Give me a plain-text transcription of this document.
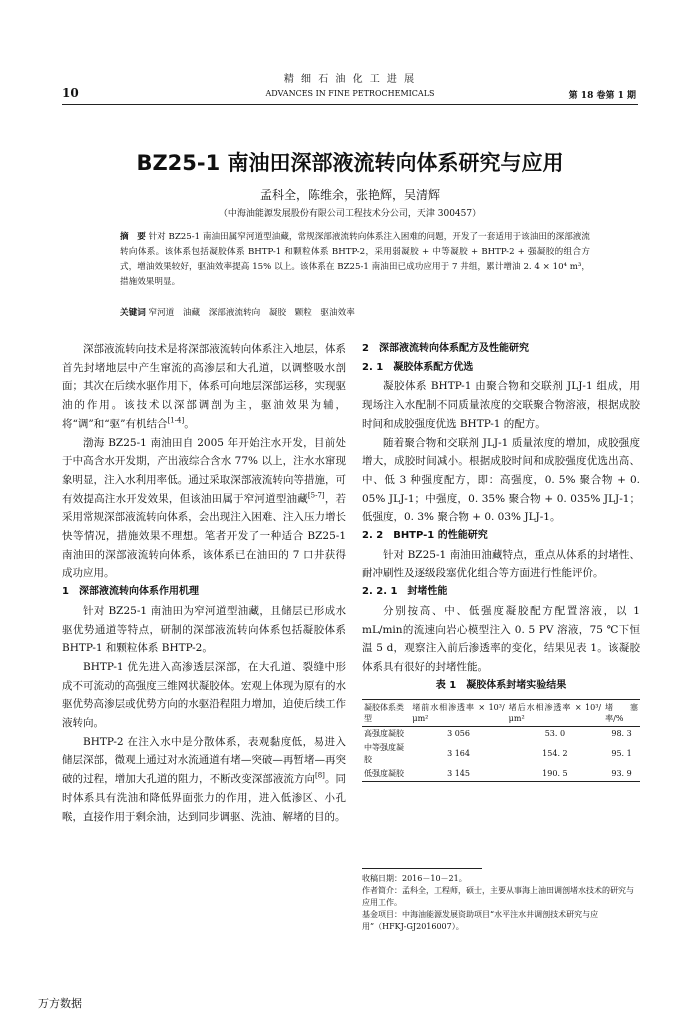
精 细 石 油 化 工 进 展
10	ADVANCES IN FINE PETROCHEMICALS	第 18 卷第 1 期
BZ25-1 南油田深部液流转向体系研究与应用
孟科全，陈维余，张艳辉，吴清辉
（中海油能源发展股份有限公司工程技术分公司，天津 300457）
摘　要 针对 BZ25-1 南油田属窄河道型油藏，常规深部液流转向体系注入困难的问题，开发了一套适用于该油田的深部液流转向体系。该体系包括凝胶体系 BHTP-1 和颗粒体系 BHTP-2，采用弱凝胶 + 中等凝胶 + BHTP-2 + 强凝胶的组合方式，增油效果较好，驱油效率提高 15% 以上。该体系在 BZ25-1 南油田已成功应用于 7 井组，累计增油 2. 4 × 10⁴ m³，措施效果明显。
关键词 窄河道　油藏　深部液流转向　凝胶　颗粒　驱油效率

深部液流转向技术是将深部液流转向体系注入地层，体系首先封堵地层中产生窜流的高渗层和大孔道，以调整吸水剖面；其次在后续水驱作用下，体系可向地层深部运移，实现驱油的作用。该技术以深部调剖为主，驱油效果为辅，将“调”和“驱”有机结合[1-4]。

渤海 BZ25-1 南油田自 2005 年开始注水开发，目前处于中高含水开发期，产出液综合含水 77% 以上，注水水窜现象明显，注入水利用率低。通过采取深部液流转向等措施，可有效提高注水开发效果，但该油田属于窄河道型油藏[5-7]，若采用常规深部液流转向体系，会出现注入困难、注入压力增长快等情况，措施效果不理想。笔者开发了一种适合 BZ25-1 南油田的深部液流转向体系，该体系已在油田的 7 口井获得成功应用。

1　深部液流转向体系作用机理

针对 BZ25-1 南油田为窄河道型油藏，且储层已形成水驱优势通道等特点，研制的深部液流转向体系包括凝胶体系 BHTP-1 和颗粒体系 BHTP-2。

BHTP-1 优先进入高渗透层深部，在大孔道、裂缝中形成不可流动的高强度三维网状凝胶体。宏观上体现为原有的水驱优势高渗层或优势方向的水驱沿程阻力增加，迫使后续工作液转向。

BHTP-2 在注入水中是分散体系，表观黏度低，易进入储层深部，微观上通过对水流通道有堵—突破—再暂堵—再突破的过程，增加大孔道的阻力，不断改变深部液流方向[8]。同时体系具有洗油和降低界面张力的作用，进入低渗区、小孔喉，直接作用于剩余油，达到同步调驱、洗油、解堵的目的。

2　深部液流转向体系配方及性能研究
2. 1　凝胶体系配方优选

凝胶体系 BHTP-1 由聚合物和交联剂 JLJ-1 组成，用现场注入水配制不同质量浓度的交联聚合物溶液，根据成胶时间和成胶强度优选 BHTP-1 的配方。

随着聚合物和交联剂 JLJ-1 质量浓度的增加，成胶强度增大，成胶时间减小。根据成胶时间和成胶强度优选出高、中、低 3 种强度配方，即：高强度，0. 5% 聚合物 + 0. 05% JLJ-1；中强度，0. 35% 聚合物 + 0. 035% JLJ-1；低强度，0. 3% 聚合物 + 0. 03% JLJ-1。

2. 2　BHTP-1 的性能研究

针对 BZ25-1 南油田油藏特点，重点从体系的封堵性、耐冲刷性及逐级段塞优化组合等方面进行性能评价。

2. 2. 1　封堵性能

分别按高、中、低强度凝胶配方配置溶液，以 1 mL/min的流速向岩心模型注入 0. 5 PV 溶液，75 ℃下恒温 5 d，观察注入前后渗透率的变化，结果见表 1。该凝胶体系具有很好的封堵性能。

表 1　凝胶体系封堵实验结果
凝胶体系类型	堵前水相渗透率 × 10³/μm²	堵后水相渗透率 × 10³/μm²	堵塞率/%
高强度凝胶	3 056	53. 0	98. 3
中等强度凝胶	3 164	154. 2	95. 1
低强度凝胶	3 145	190. 5	93. 9
收稿日期：2016－10－21。
作者简介：孟科全，工程师，硕士，主要从事海上油田调剖堵水技术的研究与应用工作。
基金项目：中海油能源发展资助项目“水平注水井调剖技术研究与应用”（HFKJ-GJ2016007）。
万方数据
